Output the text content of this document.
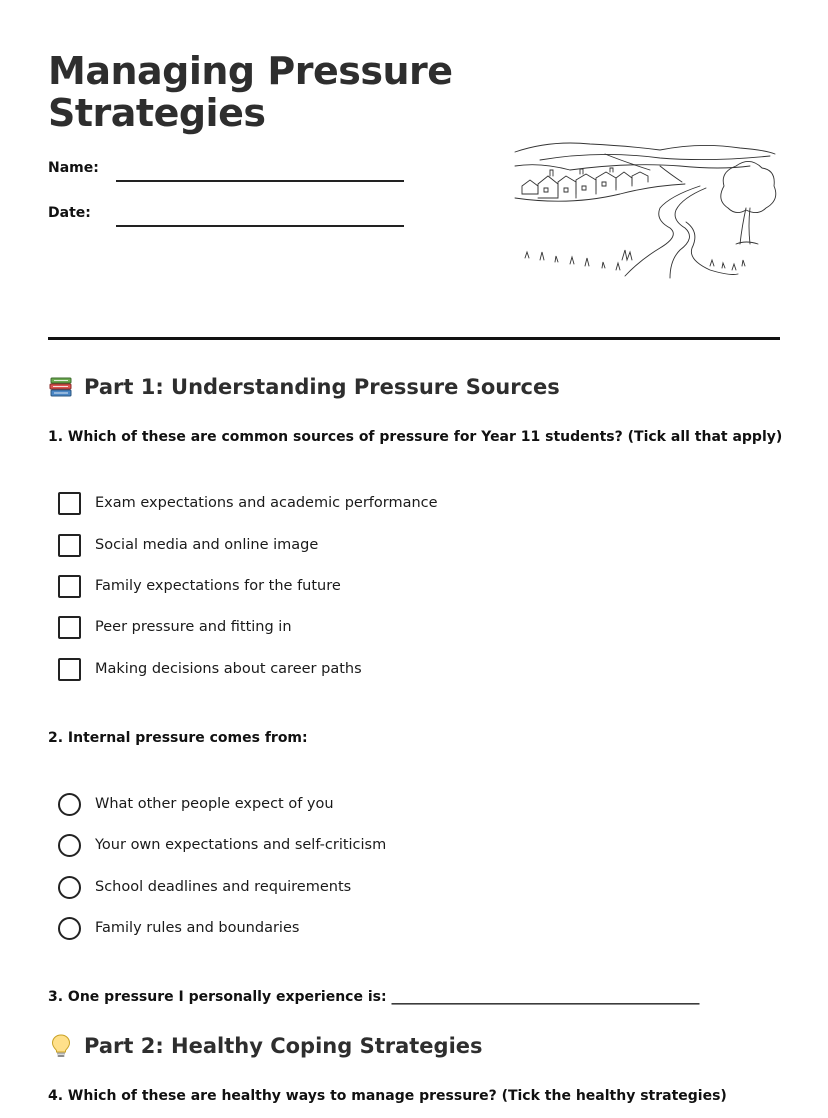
Managing Pressure Strategies
Name:
Date:
Part 1: Understanding Pressure Sources
1. Which of these are common sources of pressure for Year 11 students? (Tick all that apply)
Exam expectations and academic performance
Social media and online image
Family expectations for the future
Peer pressure and fitting in
Making decisions about career paths
2. Internal pressure comes from:
What other people expect of you
Your own expectations and self-criticism
School deadlines and requirements
Family rules and boundaries
3. One pressure I personally experience is: ____________________________________________
Part 2: Healthy Coping Strategies
4. Which of these are healthy ways to manage pressure? (Tick the healthy strategies)
